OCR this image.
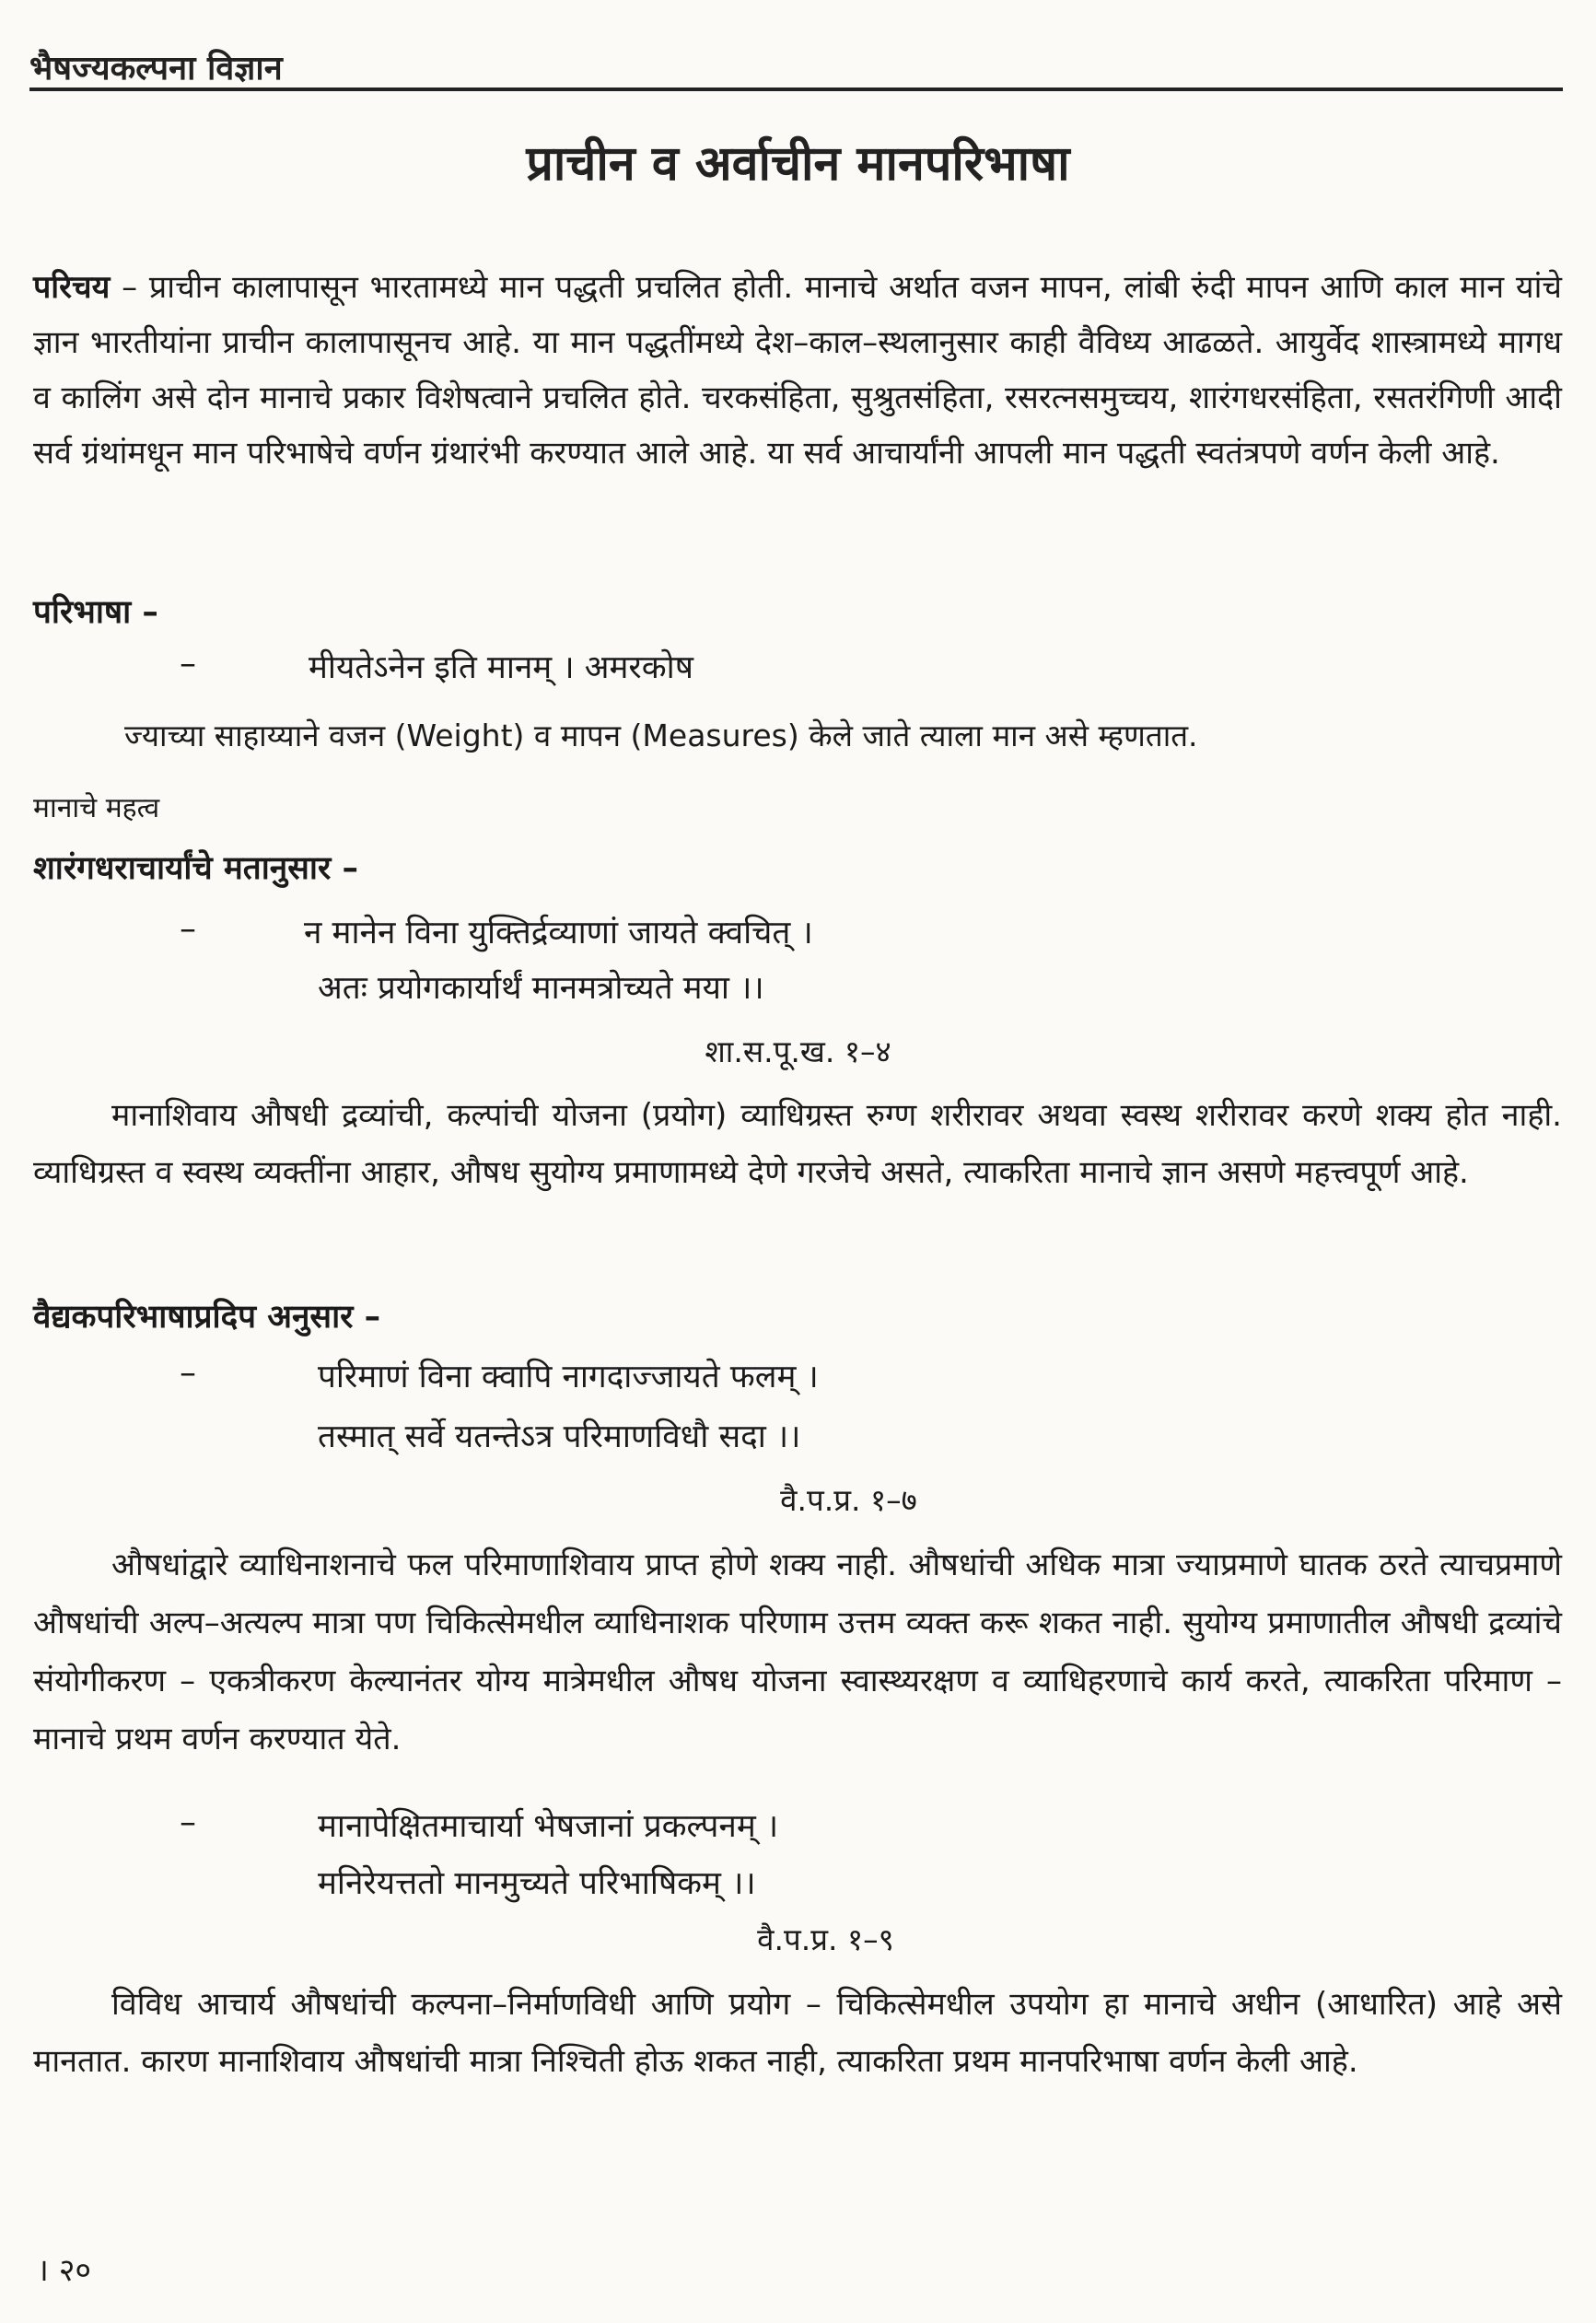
भैषज्यकल्पना विज्ञान
प्राचीन व अर्वाचीन मानपरिभाषा
परिचय – प्राचीन कालापासून भारतामध्ये मान पद्धती प्रचलित होती. मानाचे अर्थात वजन मापन, लांबी रुंदी मापन आणि काल मान यांचे ज्ञान भारतीयांना प्राचीन कालापासूनच आहे. या मान पद्धतींमध्ये देश–काल–स्थलानुसार काही वैविध्य आढळते. आयुर्वेद शास्त्रामध्ये मागध व कालिंग असे दोन मानाचे प्रकार विशेषत्वाने प्रचलित होते. चरकसंहिता, सुश्रुतसंहिता, रसरत्नसमुच्चय, शारंगधरसंहिता, रसतरंगिणी आदी सर्व ग्रंथांमधून मान परिभाषेचे वर्णन ग्रंथारंभी करण्यात आले आहे. या सर्व आचार्यांनी आपली मान पद्धती स्वतंत्रपणे वर्णन केली आहे.
परिभाषा –
–	मीयतेऽनेन इति मानम् । अमरकोष
ज्याच्या साहाय्याने वजन (Weight) व मापन (Measures) केले जाते त्याला मान असे म्हणतात.
मानाचे महत्व
शारंगधराचार्यांचे मतानुसार –
–	न मानेन विना युक्तिर्द्रव्याणां जायते क्वचित् ।
अतः प्रयोगकार्यार्थं मानमत्रोच्यते मया ।।
शा.स.पू.ख. १–४
मानाशिवाय औषधी द्रव्यांची, कल्पांची योजना (प्रयोग) व्याधिग्रस्त रुग्ण शरीरावर अथवा स्वस्थ शरीरावर करणे शक्य होत नाही. व्याधिग्रस्त व स्वस्थ व्यक्तींना आहार, औषध सुयोग्य प्रमाणामध्ये देणे गरजेचे असते, त्याकरिता मानाचे ज्ञान असणे महत्त्वपूर्ण आहे.
वैद्यकपरिभाषाप्रदिप अनुसार –
–	परिमाणं विना क्वापि नागदाज्जायते फलम् ।
तस्मात् सर्वे यतन्तेऽत्र परिमाणविधौ सदा ।।
वै.प.प्र. १–७
औषधांद्वारे व्याधिनाशनाचे फल परिमाणाशिवाय प्राप्त होणे शक्य नाही. औषधांची अधिक मात्रा ज्याप्रमाणे घातक ठरते त्याचप्रमाणे औषधांची अल्प–अत्यल्प मात्रा पण चिकित्सेमधील व्याधिनाशक परिणाम उत्तम व्यक्त करू शकत नाही. सुयोग्य प्रमाणातील औषधी द्रव्यांचे संयोगीकरण – एकत्रीकरण केल्यानंतर योग्य मात्रेमधील औषध योजना स्वास्थ्यरक्षण व व्याधिहरणाचे कार्य करते, त्याकरिता परिमाण – मानाचे प्रथम वर्णन करण्यात येते.
–	मानापेक्षितमाचार्या भेषजानां प्रकल्पनम् ।
मनिरेयत्ततो मानमुच्यते परिभाषिकम् ।।
वै.प.प्र. १–९
विविध आचार्य औषधांची कल्पना–निर्माणविधी आणि प्रयोग – चिकित्सेमधील उपयोग हा मानाचे अधीन (आधारित) आहे असे मानतात. कारण मानाशिवाय औषधांची मात्रा निश्चिती होऊ शकत नाही, त्याकरिता प्रथम मानपरिभाषा वर्णन केली आहे.
। २०
